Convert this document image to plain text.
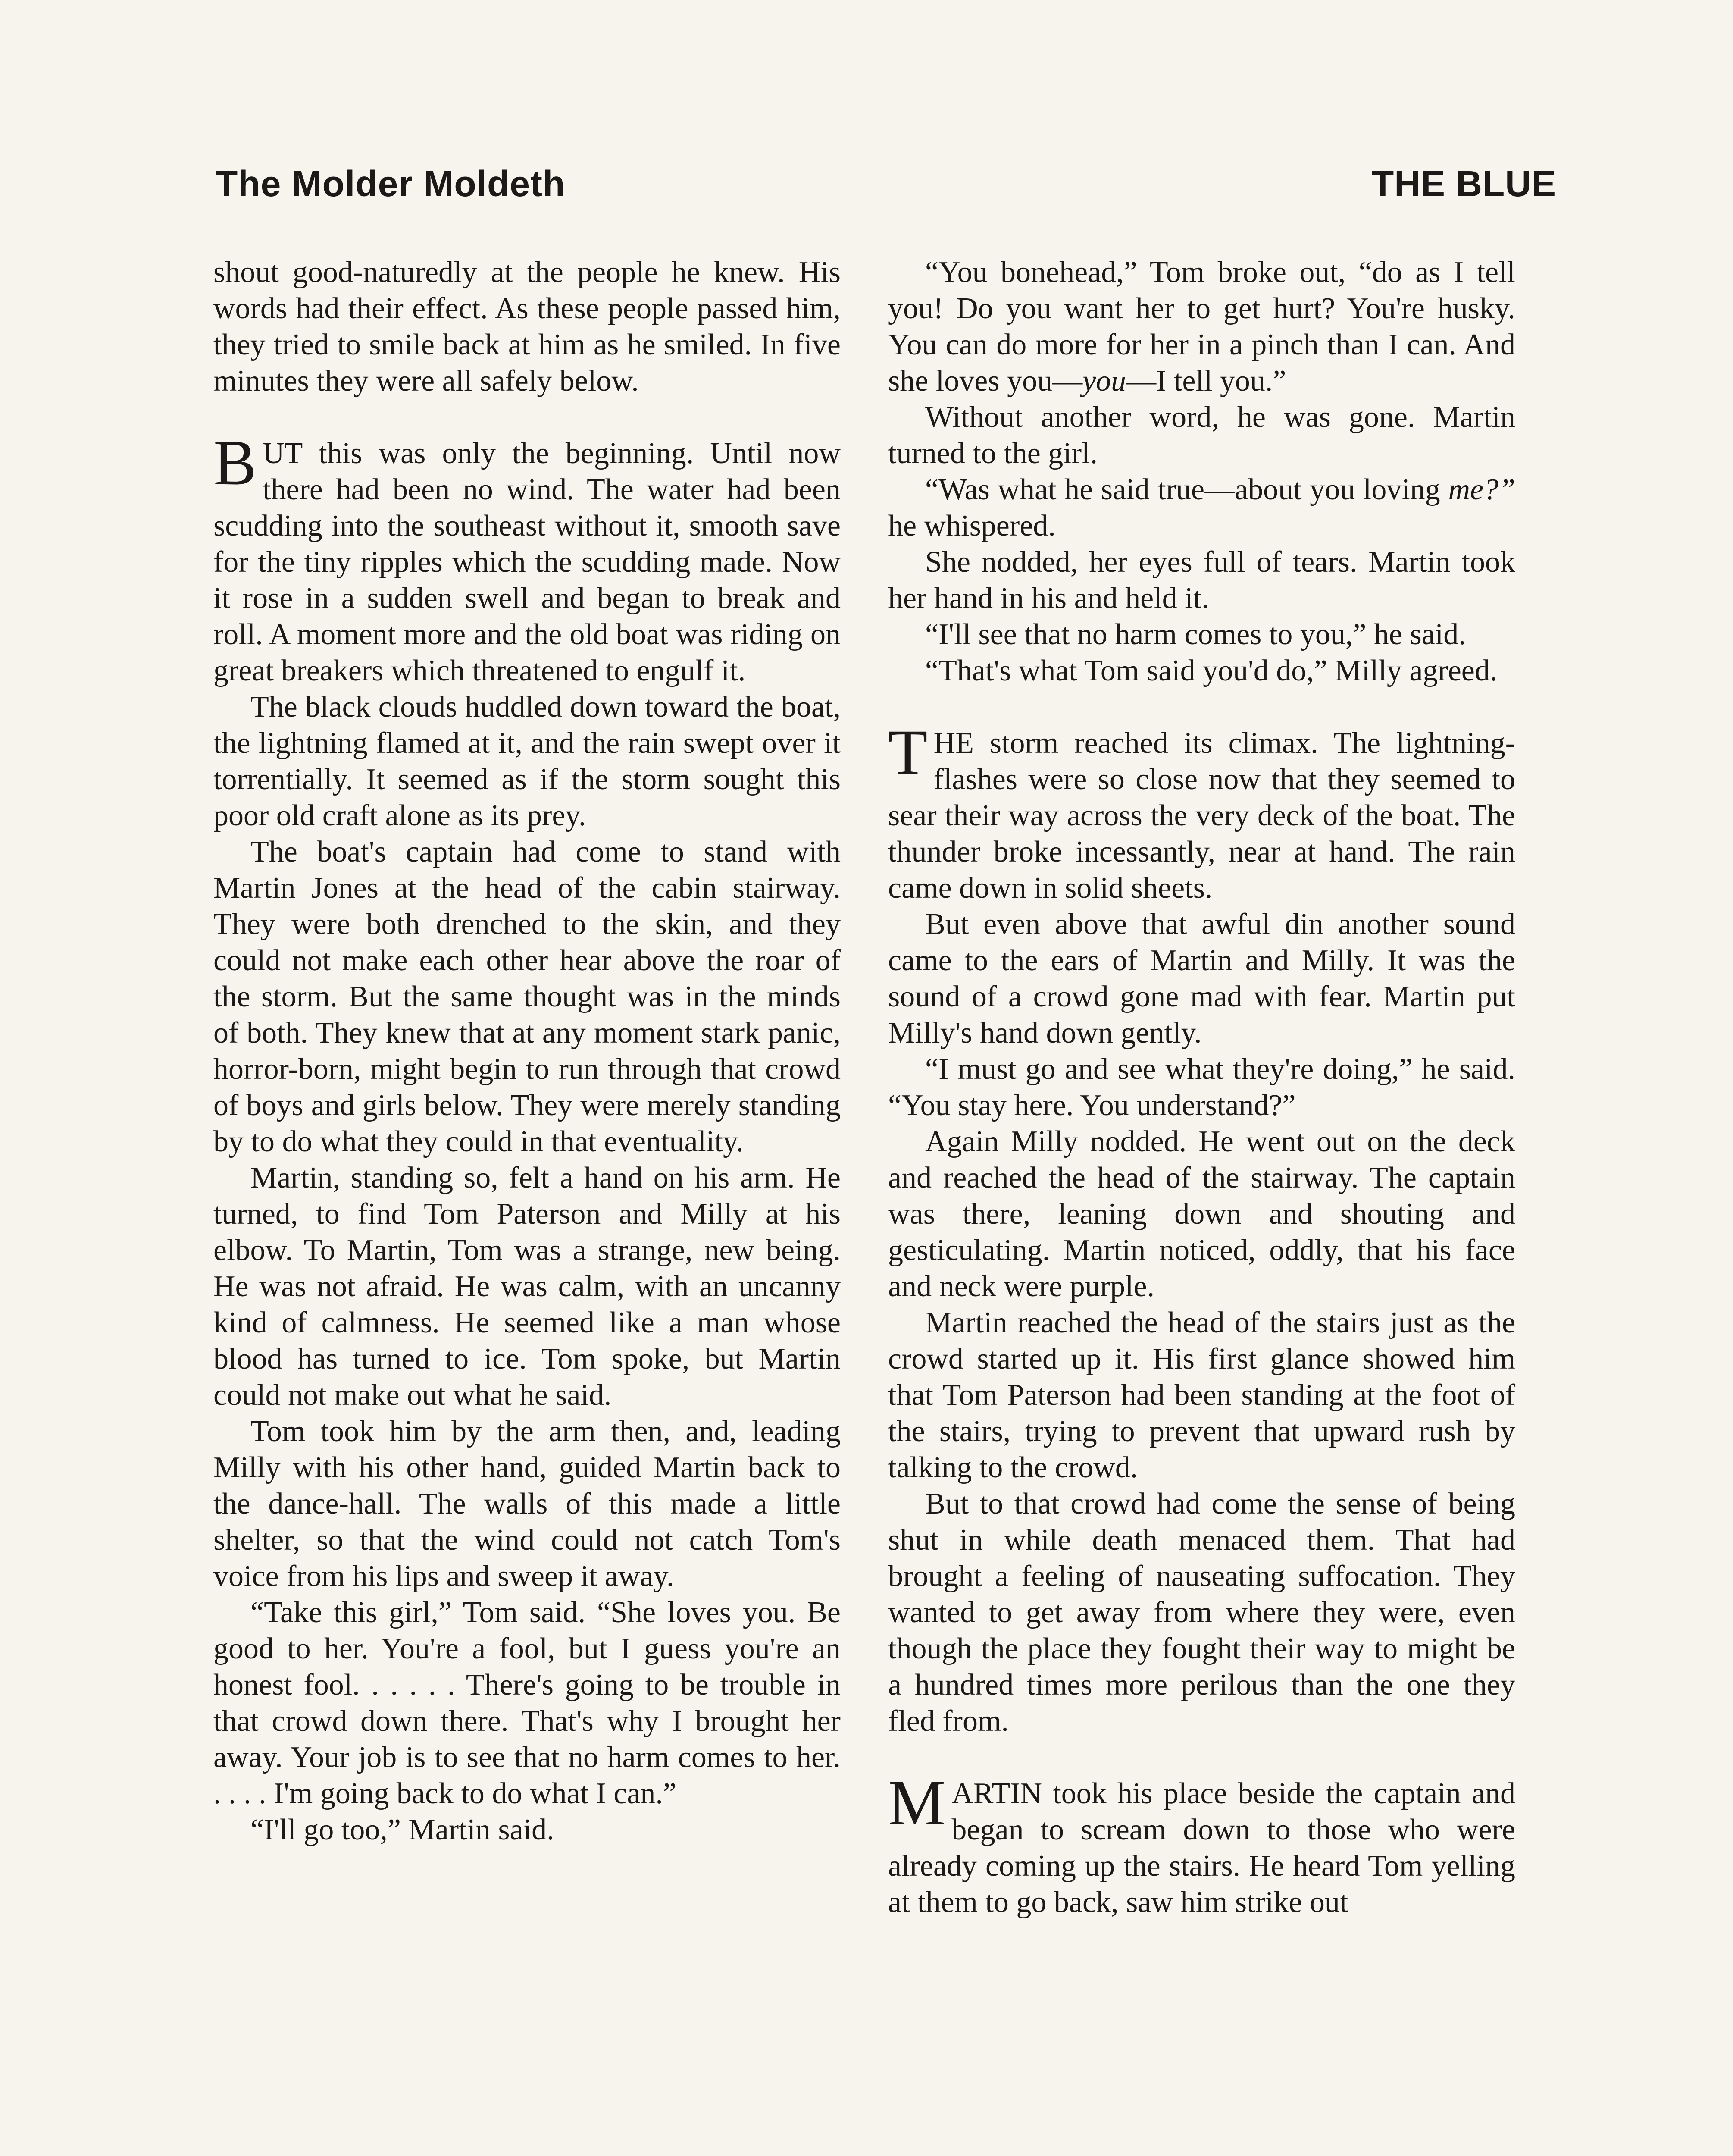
The Molder Moldeth	THE BLUE

shout good-naturedly at the people he knew. His words had their effect. As these people passed him, they tried to smile back at him as he smiled. In five minutes they were all safely below.

BUT this was only the beginning. Until now there had been no wind. The water had been scudding into the southeast without it, smooth save for the tiny ripples which the scudding made. Now it rose in a sudden swell and began to break and roll. A moment more and the old boat was riding on great breakers which threatened to engulf it.

The black clouds huddled down toward the boat, the lightning flamed at it, and the rain swept over it torrentially. It seemed as if the storm sought this poor old craft alone as its prey.

The boat's captain had come to stand with Martin Jones at the head of the cabin stairway. They were both drenched to the skin, and they could not make each other hear above the roar of the storm. But the same thought was in the minds of both. They knew that at any moment stark panic, horror-born, might begin to run through that crowd of boys and girls below. They were merely standing by to do what they could in that eventuality.

Martin, standing so, felt a hand on his arm. He turned, to find Tom Paterson and Milly at his elbow. To Martin, Tom was a strange, new being. He was not afraid. He was calm, with an uncanny kind of calmness. He seemed like a man whose blood has turned to ice. Tom spoke, but Martin could not make out what he said.

Tom took him by the arm then, and, leading Milly with his other hand, guided Martin back to the dance-hall. The walls of this made a little shelter, so that the wind could not catch Tom's voice from his lips and sweep it away.

“Take this girl,” Tom said. “She loves you. Be good to her. You're a fool, but I guess you're an honest fool. . . . . . There's going to be trouble in that crowd down there. That's why I brought her away. Your job is to see that no harm comes to her. . . . . I'm going back to do what I can.”

“I'll go too,” Martin said.

“You bonehead,” Tom broke out, “do as I tell you! Do you want her to get hurt? You're husky. You can do more for her in a pinch than I can. And she loves you—you—I tell you.”

Without another word, he was gone. Martin turned to the girl.

“Was what he said true—about you loving me?” he whispered.

She nodded, her eyes full of tears. Martin took her hand in his and held it.

“I'll see that no harm comes to you,” he said.

“That's what Tom said you'd do,” Milly agreed.

THE storm reached its climax. The lightning-flashes were so close now that they seemed to sear their way across the very deck of the boat. The thunder broke incessantly, near at hand. The rain came down in solid sheets.

But even above that awful din another sound came to the ears of Martin and Milly. It was the sound of a crowd gone mad with fear. Martin put Milly's hand down gently.

“I must go and see what they're doing,” he said. “You stay here. You understand?”

Again Milly nodded. He went out on the deck and reached the head of the stairway. The captain was there, leaning down and shouting and gesticulating. Martin noticed, oddly, that his face and neck were purple.

Martin reached the head of the stairs just as the crowd started up it. His first glance showed him that Tom Paterson had been standing at the foot of the stairs, trying to prevent that upward rush by talking to the crowd.

But to that crowd had come the sense of being shut in while death menaced them. That had brought a feeling of nauseating suffocation. They wanted to get away from where they were, even though the place they fought their way to might be a hundred times more perilous than the one they fled from.

MARTIN took his place beside the captain and began to scream down to those who were already coming up the stairs. He heard Tom yelling at them to go back, saw him strike out
